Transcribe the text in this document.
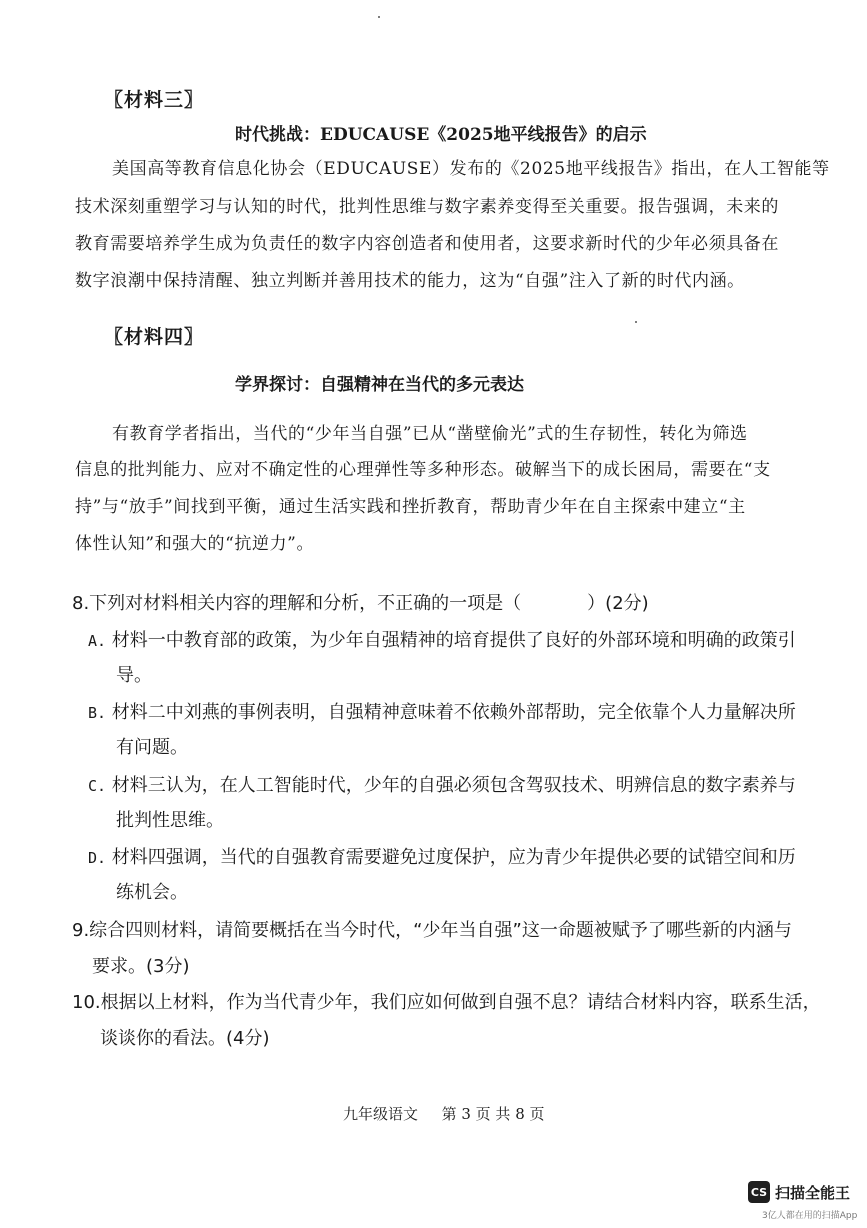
〖材料三〗
时代挑战：EDUCAUSE《2025地平线报告》的启示
美国高等教育信息化协会（EDUCAUSE）发布的《2025地平线报告》指出，在人工智能等
技术深刻重塑学习与认知的时代，批判性思维与数字素养变得至关重要。报告强调，未来的
教育需要培养学生成为负责任的数字内容创造者和使用者，这要求新时代的少年必须具备在
数字浪潮中保持清醒、独立判断并善用技术的能力，这为“自强”注入了新的时代内涵。
〖材料四〗
学界探讨：自强精神在当代的多元表达
有教育学者指出，当代的“少年当自强”已从“凿壁偷光”式的生存韧性，转化为筛选
信息的批判能力、应对不确定性的心理弹性等多种形态。破解当下的成长困局，需要在“支
持”与“放手”间找到平衡，通过生活实践和挫折教育，帮助青少年在自主探索中建立“主
体性认知”和强大的“抗逆力”。
8.下列对材料相关内容的理解和分析，不正确的一项是（	）(2分)
A. 材料一中教育部的政策，为少年自强精神的培育提供了良好的外部环境和明确的政策引
导。
B. 材料二中刘燕的事例表明，自强精神意味着不依赖外部帮助，完全依靠个人力量解决所
有问题。
C. 材料三认为，在人工智能时代，少年的自强必须包含驾驭技术、明辨信息的数字素养与
批判性思维。
D. 材料四强调，当代的自强教育需要避免过度保护，应为青少年提供必要的试错空间和历
练机会。
9.综合四则材料，请简要概括在当今时代，“少年当自强”这一命题被赋予了哪些新的内涵与
要求。(3分)
10.根据以上材料，作为当代青少年，我们应如何做到自强不息？请结合材料内容，联系生活，
谈谈你的看法。(4分)
九年级语文 第 3 页 共 8 页
CS 扫描全能王
3亿人都在用的扫描App
